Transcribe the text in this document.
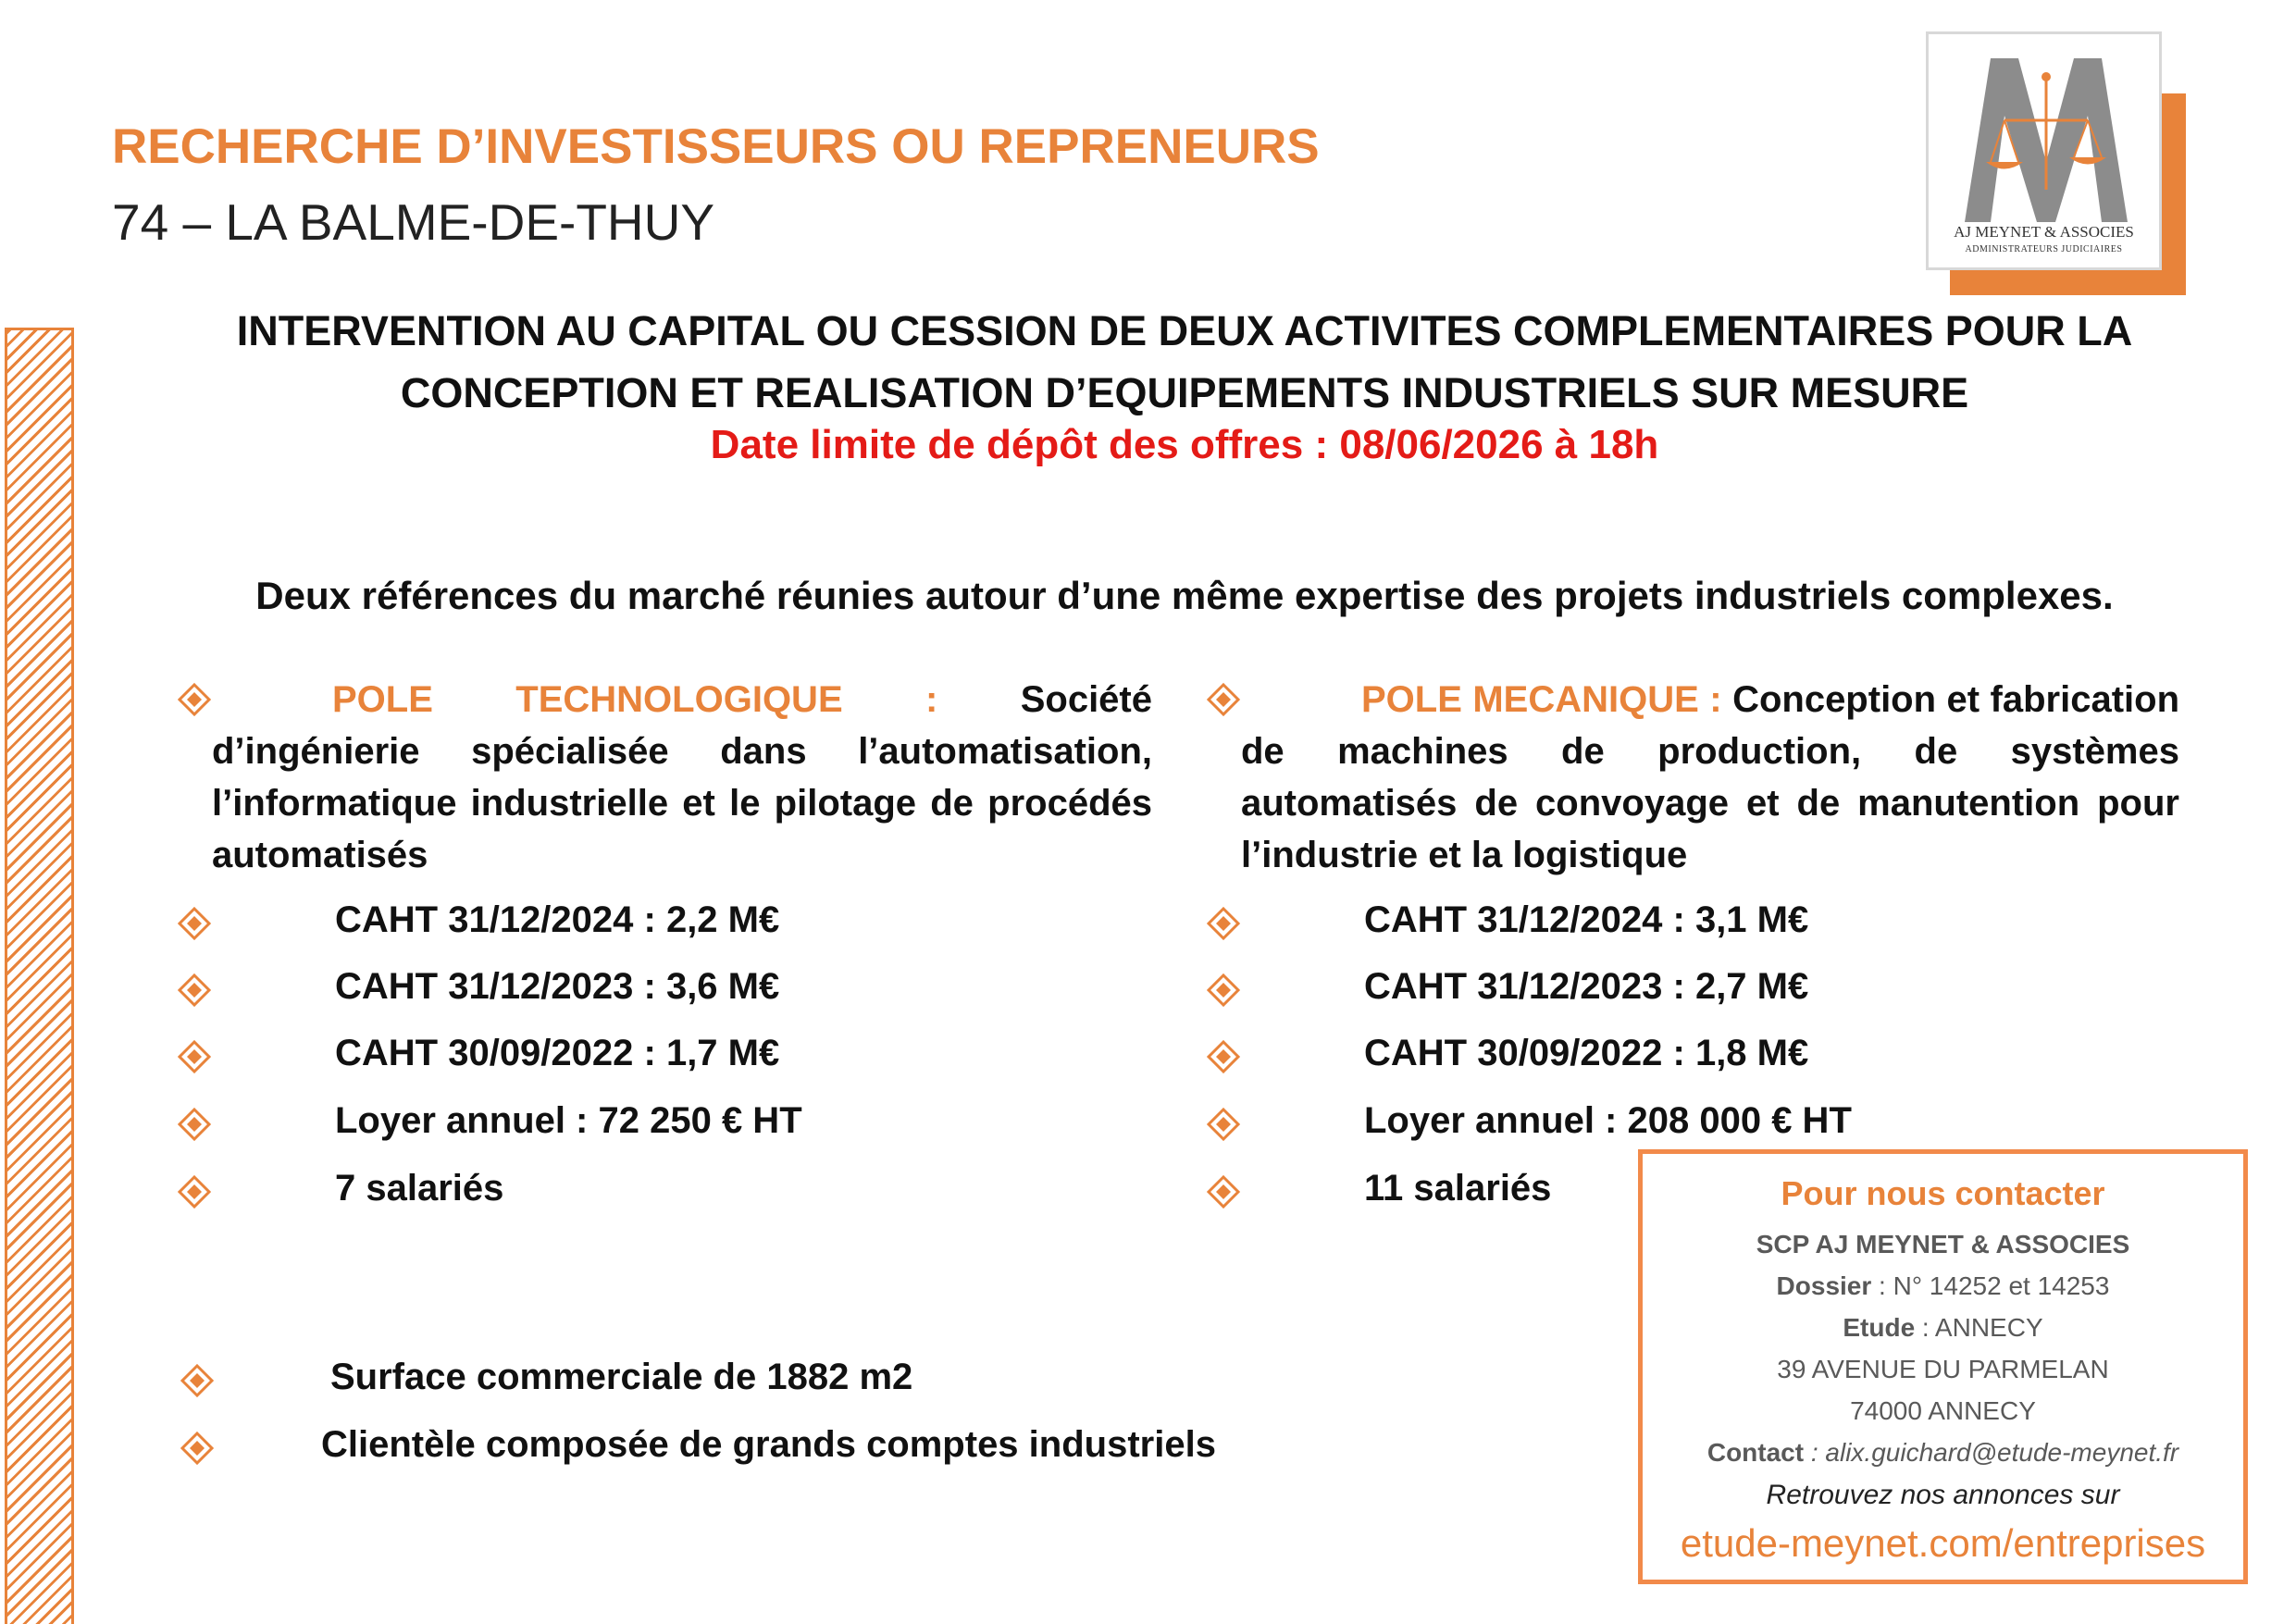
AJ MEYNET & ASSOCIES
ADMINISTRATEURS JUDICIAIRES
RECHERCHE D’INVESTISSEURS OU REPRENEURS
74 – LA BALME-DE-THUY
INTERVENTION AU CAPITAL OU CESSION DE DEUX ACTIVITES COMPLEMENTAIRES POUR LA
CONCEPTION ET REALISATION D’EQUIPEMENTS INDUSTRIELS SUR MESURE
Date limite de dépôt des offres : 08/06/2026 à 18h
Deux références du marché réunies autour d’une même expertise des projets industriels complexes.
POLE TECHNOLOGIQUE : Société d’ingénierie spécialisée dans l’automatisation, l’informatique industrielle et le pilotage de procédés automatisés
CAHT 31/12/2024 : 2,2 M€
CAHT 31/12/2023 : 3,6 M€
CAHT 30/09/2022 : 1,7 M€
Loyer annuel : 72 250 € HT
7 salariés
POLE MECANIQUE : Conception et fabrication de machines de production, de systèmes automatisés de convoyage et de manutention pour l’industrie et la logistique
CAHT 31/12/2024 : 3,1 M€
CAHT 31/12/2023 : 2,7 M€
CAHT 30/09/2022 : 1,8 M€
Loyer annuel : 208 000 € HT
11 salariés
Surface commerciale de 1882 m2
Clientèle composée de grands comptes industriels
Pour nous contacter
SCP AJ MEYNET & ASSOCIES
Dossier : N° 14252 et 14253
Etude : ANNECY
39 AVENUE DU PARMELAN
74000 ANNECY
Contact : alix.guichard@etude-meynet.fr
Retrouvez nos annonces sur
etude-meynet.com/entreprises
